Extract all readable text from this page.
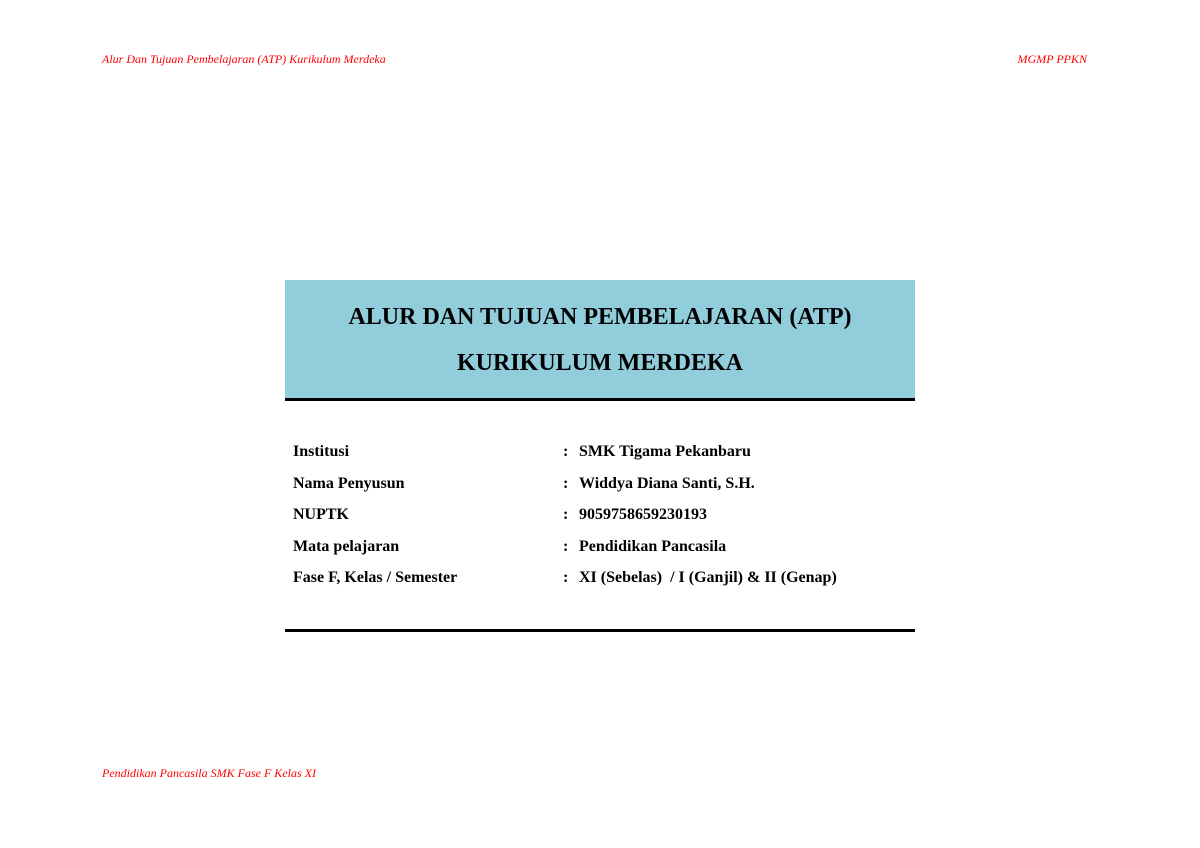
Alur Dan Tujuan Pembelajaran (ATP) Kurikulum Merdeka	MGMP PPKN
ALUR DAN TUJUAN PEMBELAJARAN (ATP)
KURIKULUM MERDEKA
Institusi	: SMK Tigama Pekanbaru
Nama Penyusun	: Widdya Diana Santi, S.H.
NUPTK	: 9059758659230193
Mata pelajaran	: Pendidikan Pancasila
Fase F, Kelas / Semester	: XI (Sebelas)  / I (Ganjil) & II (Genap)
Pendidikan Pancasila SMK Fase F Kelas XI
